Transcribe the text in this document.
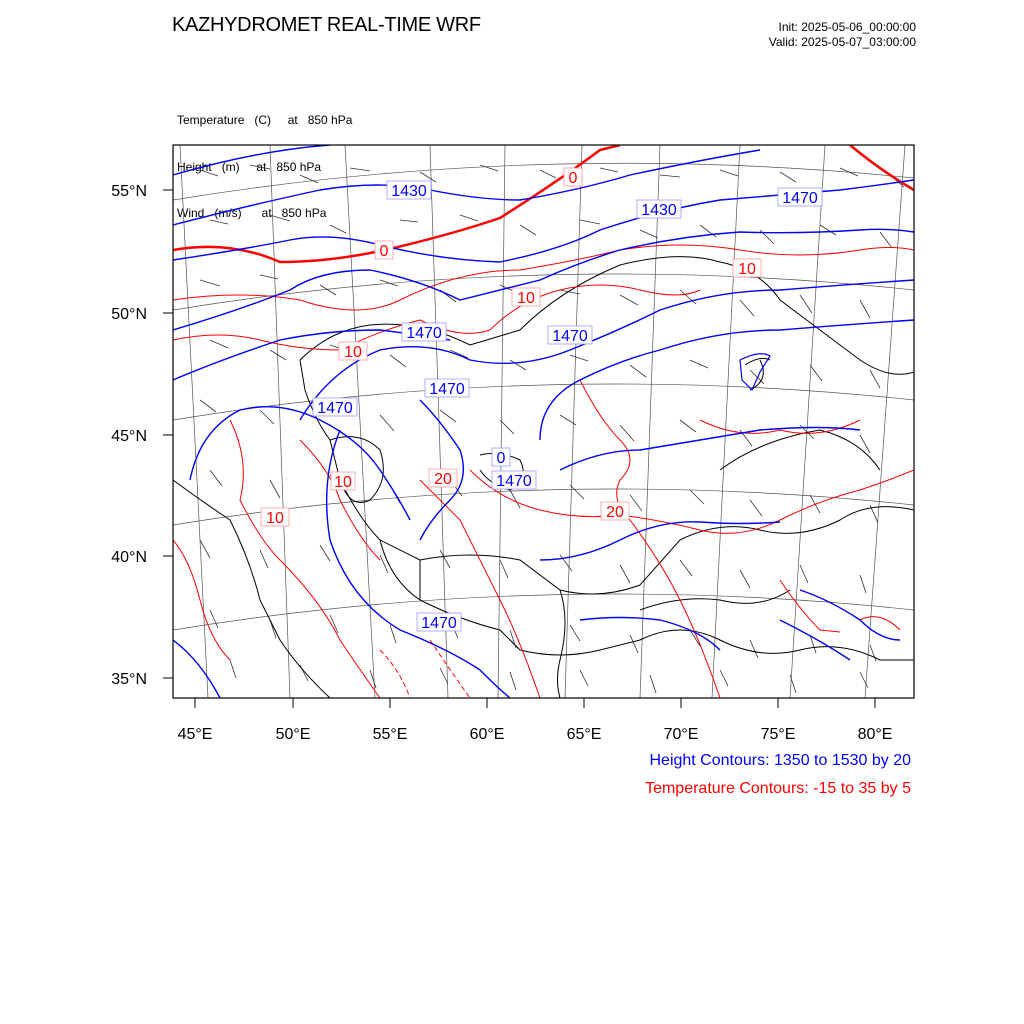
KAZHYDROMET REAL-TIME WRF	Init: 2025-05-06_00:00:00
Valid: 2025-05-07_03:00:00

Temperature   (C)     at   850 hPa

Height   (m)     at   850 hPa

Wind   (m/s)      at   850 hPa

55°N
50°N
45°N
40°N
35°N
45°E	50°E	55°E	60°E	65°E	70°E	75°E	80°E
1430
1430
1470
1470	1470
1470
1470
1470
1470
0
0
0
10
10
10
10
10	20
20
Height Contours: 1350 to 1530 by 20
Temperature Contours: -15 to 35 by 5
